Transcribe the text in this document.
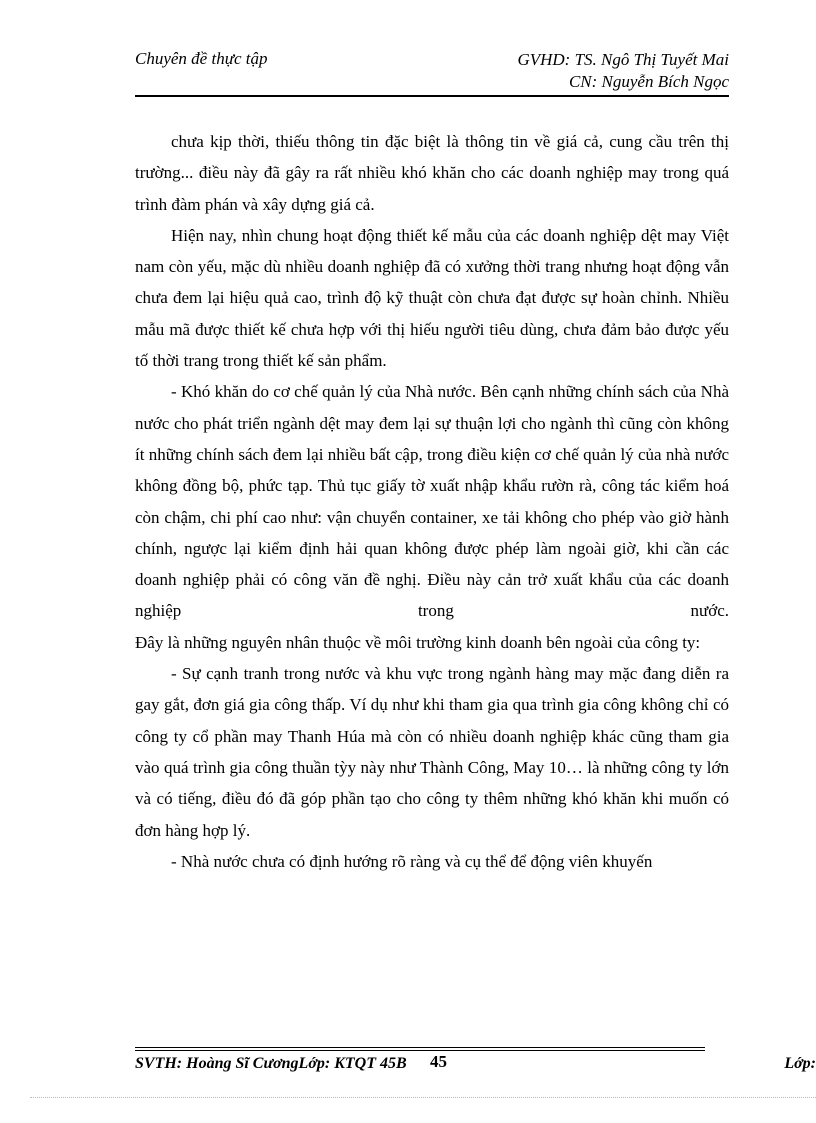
Chuyên đề thực tập	GVHD: TS. Ngô Thị Tuyết Mai
CN: Nguyễn Bích Ngọc

chưa kịp thời, thiếu thông tin đặc biệt là thông tin về giá cả, cung cầu trên thị trường... điều này đã gây ra rất nhiều khó khăn cho các doanh nghiệp may trong quá trình đàm phán và xây dựng giá cả.

Hiện nay, nhìn chung hoạt động thiết kế mẫu của các doanh nghiệp dệt may Việt nam còn yếu, mặc dù nhiều doanh nghiệp đã có xưởng thời trang nhưng hoạt động vẫn chưa đem lại hiệu quả cao, trình độ kỹ thuật còn chưa đạt được sự hoàn chỉnh. Nhiều mẫu mã được thiết kế chưa hợp với thị hiếu người tiêu dùng, chưa đảm bảo được yếu tố thời trang trong thiết kế sản phẩm.

- Khó khăn do cơ chế quản lý của Nhà nước. Bên cạnh những chính sách của Nhà nước cho phát triển ngành dệt may đem lại sự thuận lợi cho ngành thì cũng còn không ít những chính sách đem lại nhiều bất cập, trong điều kiện cơ chế quản lý của nhà nước không đồng bộ, phức tạp. Thủ tục giấy tờ xuất nhập khẩu rườn rà, công tác kiểm hoá còn chậm, chi phí cao như: vận chuyển container, xe tải không cho phép vào giờ hành chính, ngược lại kiểm định hải quan không được phép làm ngoài giờ, khi cần các doanh nghiệp phải có công văn đề nghị. Điều này cản trở xuất khẩu của các doanh nghiệp trong nước.

Đây là những nguyên nhân thuộc về môi trường kinh doanh bên ngoài của công ty:

- Sự cạnh tranh trong nước và khu vực trong ngành hàng may mặc đang diễn ra gay gắt, đơn giá gia công thấp. Ví dụ như khi tham gia qua trình gia công không chỉ có công ty cổ phần may Thanh Húa mà còn có nhiều doanh nghiệp khác cũng tham gia vào quá trình gia công thuần tỳy này như Thành Công, May 10… là những công ty lớn và có tiếng, điều đó đã góp phần tạo cho công ty thêm những khó khăn khi muốn có đơn hàng hợp lý.

- Nhà nước chưa có định hướng rõ ràng và cụ thể để động viên khuyến

SVTH: Hoàng Sĩ CươngLớp: KTQT 45B 45	Lớp:
